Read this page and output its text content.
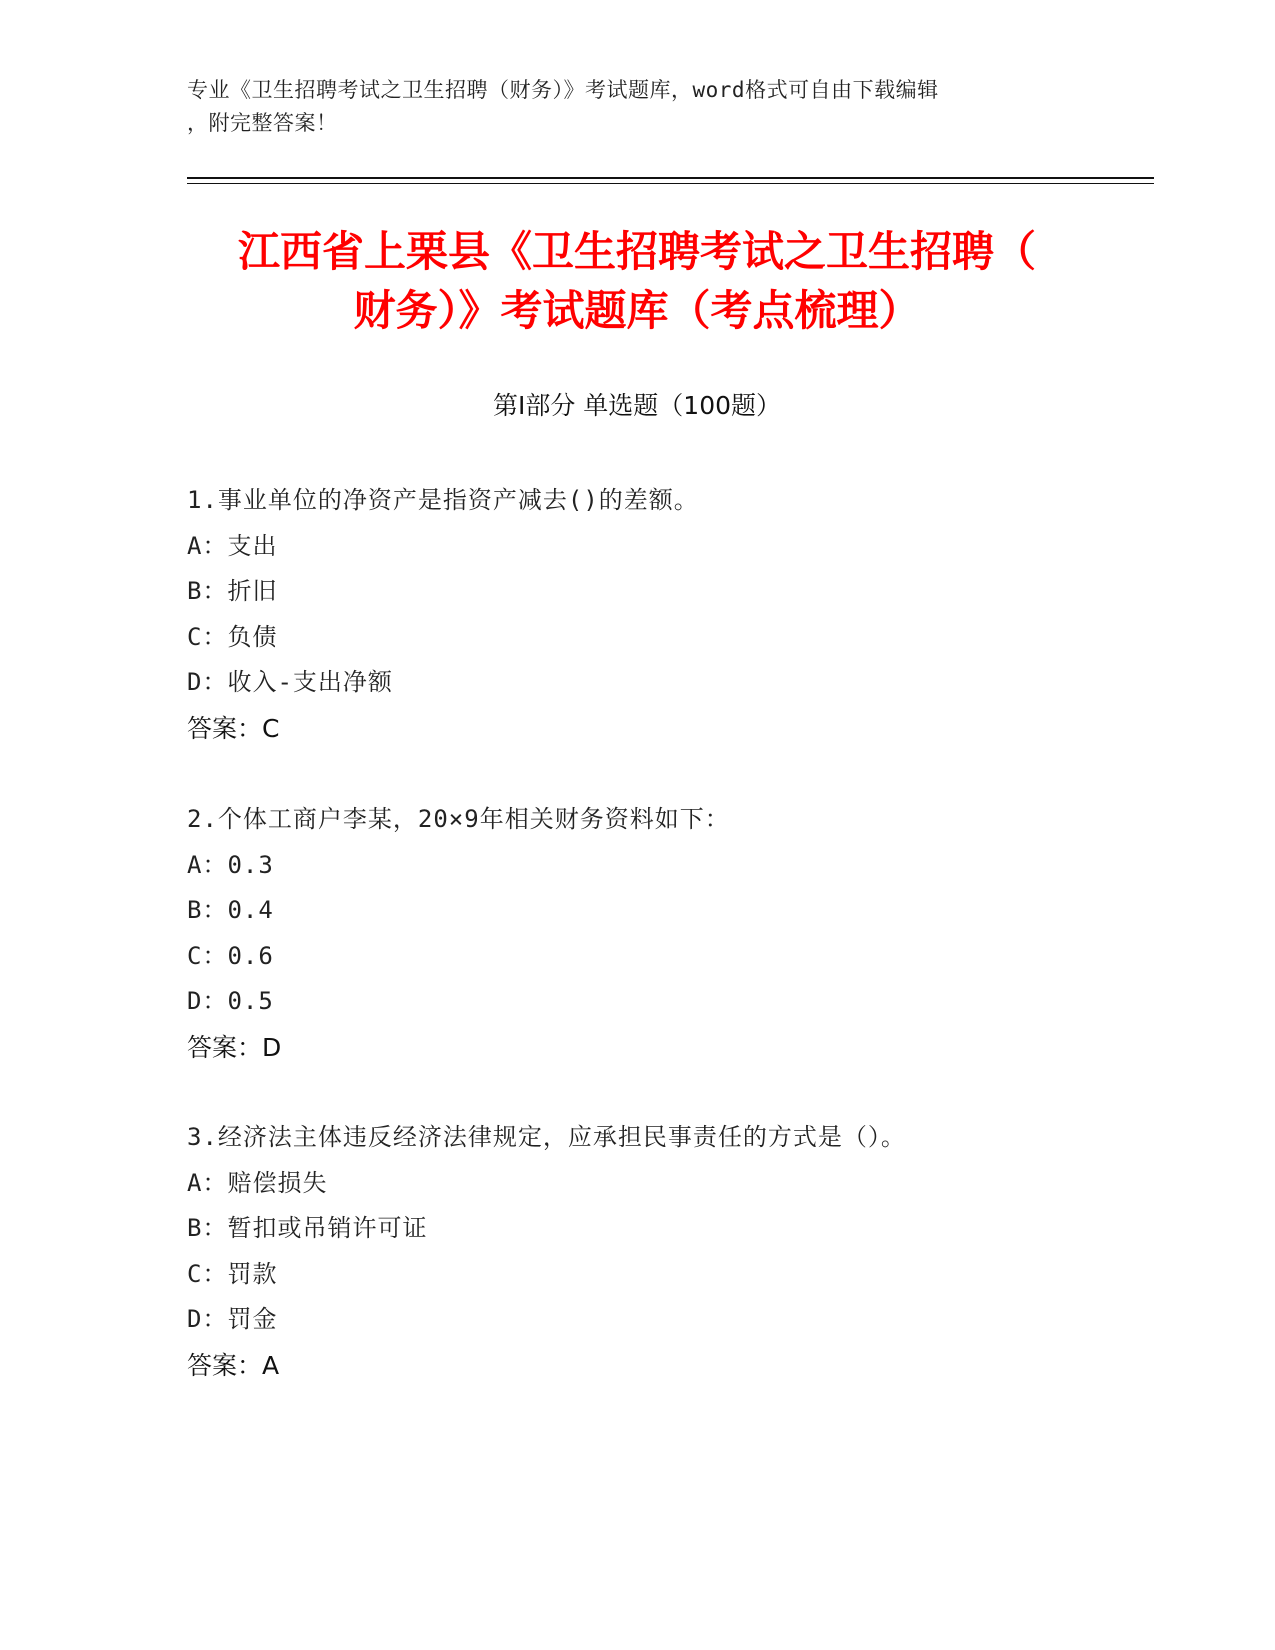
专业《卫生招聘考试之卫生招聘（财务）》考试题库，word格式可自由下载编辑
，附完整答案！
江西省上栗县《卫生招聘考试之卫生招聘（
财务）》考试题库（考点梳理）
第Ⅰ部分 单选题（100题）
1.事业单位的净资产是指资产减去()的差额。
A：支出
B：折旧
C：负债
D：收入-支出净额
答案：C
2.个体工商户李某，20×9年相关财务资料如下：
A：0.3
B：0.4
C：0.6
D：0.5
答案：D
3.经济法主体违反经济法律规定，应承担民事责任的方式是（）。
A：赔偿损失
B：暂扣或吊销许可证
C：罚款
D：罚金
答案：A
